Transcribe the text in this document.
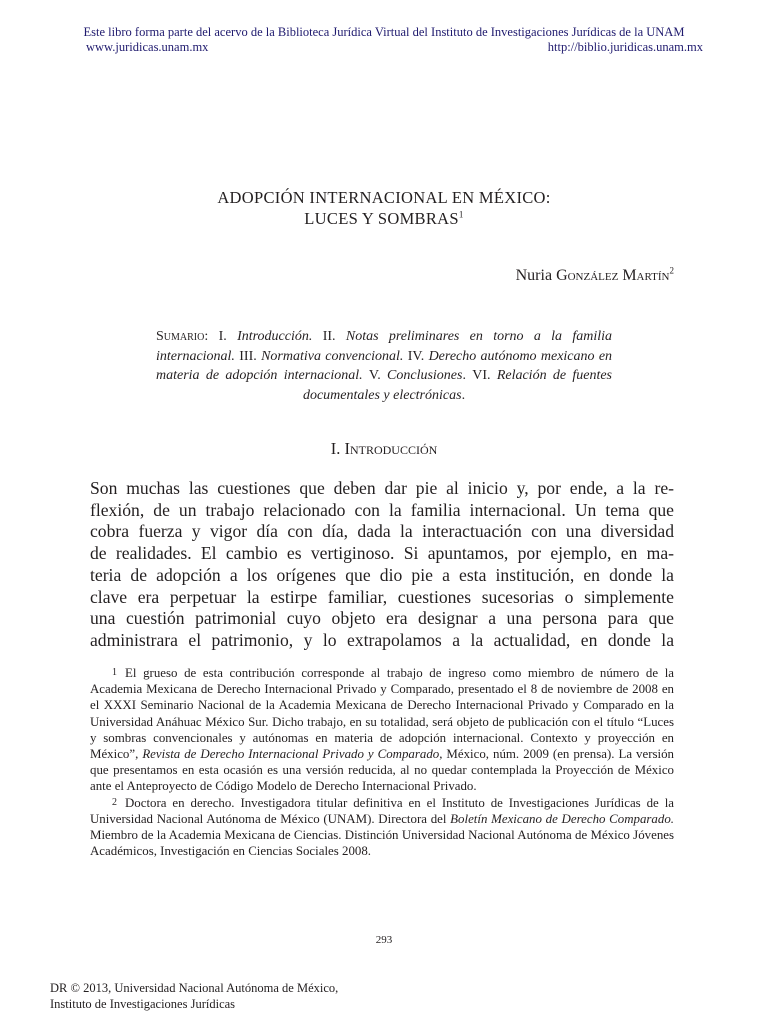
Este libro forma parte del acervo de la Biblioteca Jurídica Virtual del Instituto de Investigaciones Jurídicas de la UNAM
www.juridicas.unam.mx	http://biblio.juridicas.unam.mx
ADOPCIÓN INTERNACIONAL EN MÉXICO:
LUCES Y SOMBRAS$^1$
Nuria González Martín$^2$
Sumario: I. Introducción. II. Notas preliminares en torno a la familia internacional. III. Normativa convencional. IV. Derecho autónomo mexicano en materia de adopción internacional. V. Conclusiones. VI. Relación de fuentes documentales y electrónicas.
I. Introducción
Son muchas las cuestiones que deben dar pie al inicio y, por ende, a la re-
flexión, de un trabajo relacionado con la familia internacional. Un tema que
cobra fuerza y vigor día con día, dada la interactuación con una diversidad
de realidades. El cambio es vertiginoso. Si apuntamos, por ejemplo, en ma-
teria de adopción a los orígenes que dio pie a esta institución, en donde la
clave era perpetuar la estirpe familiar, cuestiones sucesorias o simplemente
una cuestión patrimonial cuyo objeto era designar a una persona para que
administrara el patrimonio, y lo extrapolamos a la actualidad, en donde la

1 El grueso de esta contribución corresponde al trabajo de ingreso como miembro de número de la Academia Mexicana de Derecho Internacional Privado y Comparado, presentado el 8 de noviembre de 2008 en el XXXI Seminario Nacional de la Academia Mexicana de Derecho Internacional Privado y Comparado en la Universidad Anáhuac México Sur. Dicho trabajo, en su totalidad, será objeto de publicación con el título “Luces y sombras convencionales y autónomas en materia de adopción internacional. Contexto y proyección en México”, Revista de Derecho Internacional Privado y Comparado, México, núm. 2009 (en prensa). La versión que presentamos en esta ocasión es una versión reducida, al no quedar contemplada la Proyección de México ante el Anteproyecto de Código Modelo de Derecho Internacional Privado.

2 Doctora en derecho. Investigadora titular definitiva en el Instituto de Investigaciones Jurídicas de la Universidad Nacional Autónoma de México (UNAM). Directora del Boletín Mexicano de Derecho Comparado. Miembro de la Academia Mexicana de Ciencias. Distinción Universidad Nacional Autónoma de México Jóvenes Académicos, Investigación en Ciencias Sociales 2008.

293
DR © 2013, Universidad Nacional Autónoma de México,
Instituto de Investigaciones Jurídicas
